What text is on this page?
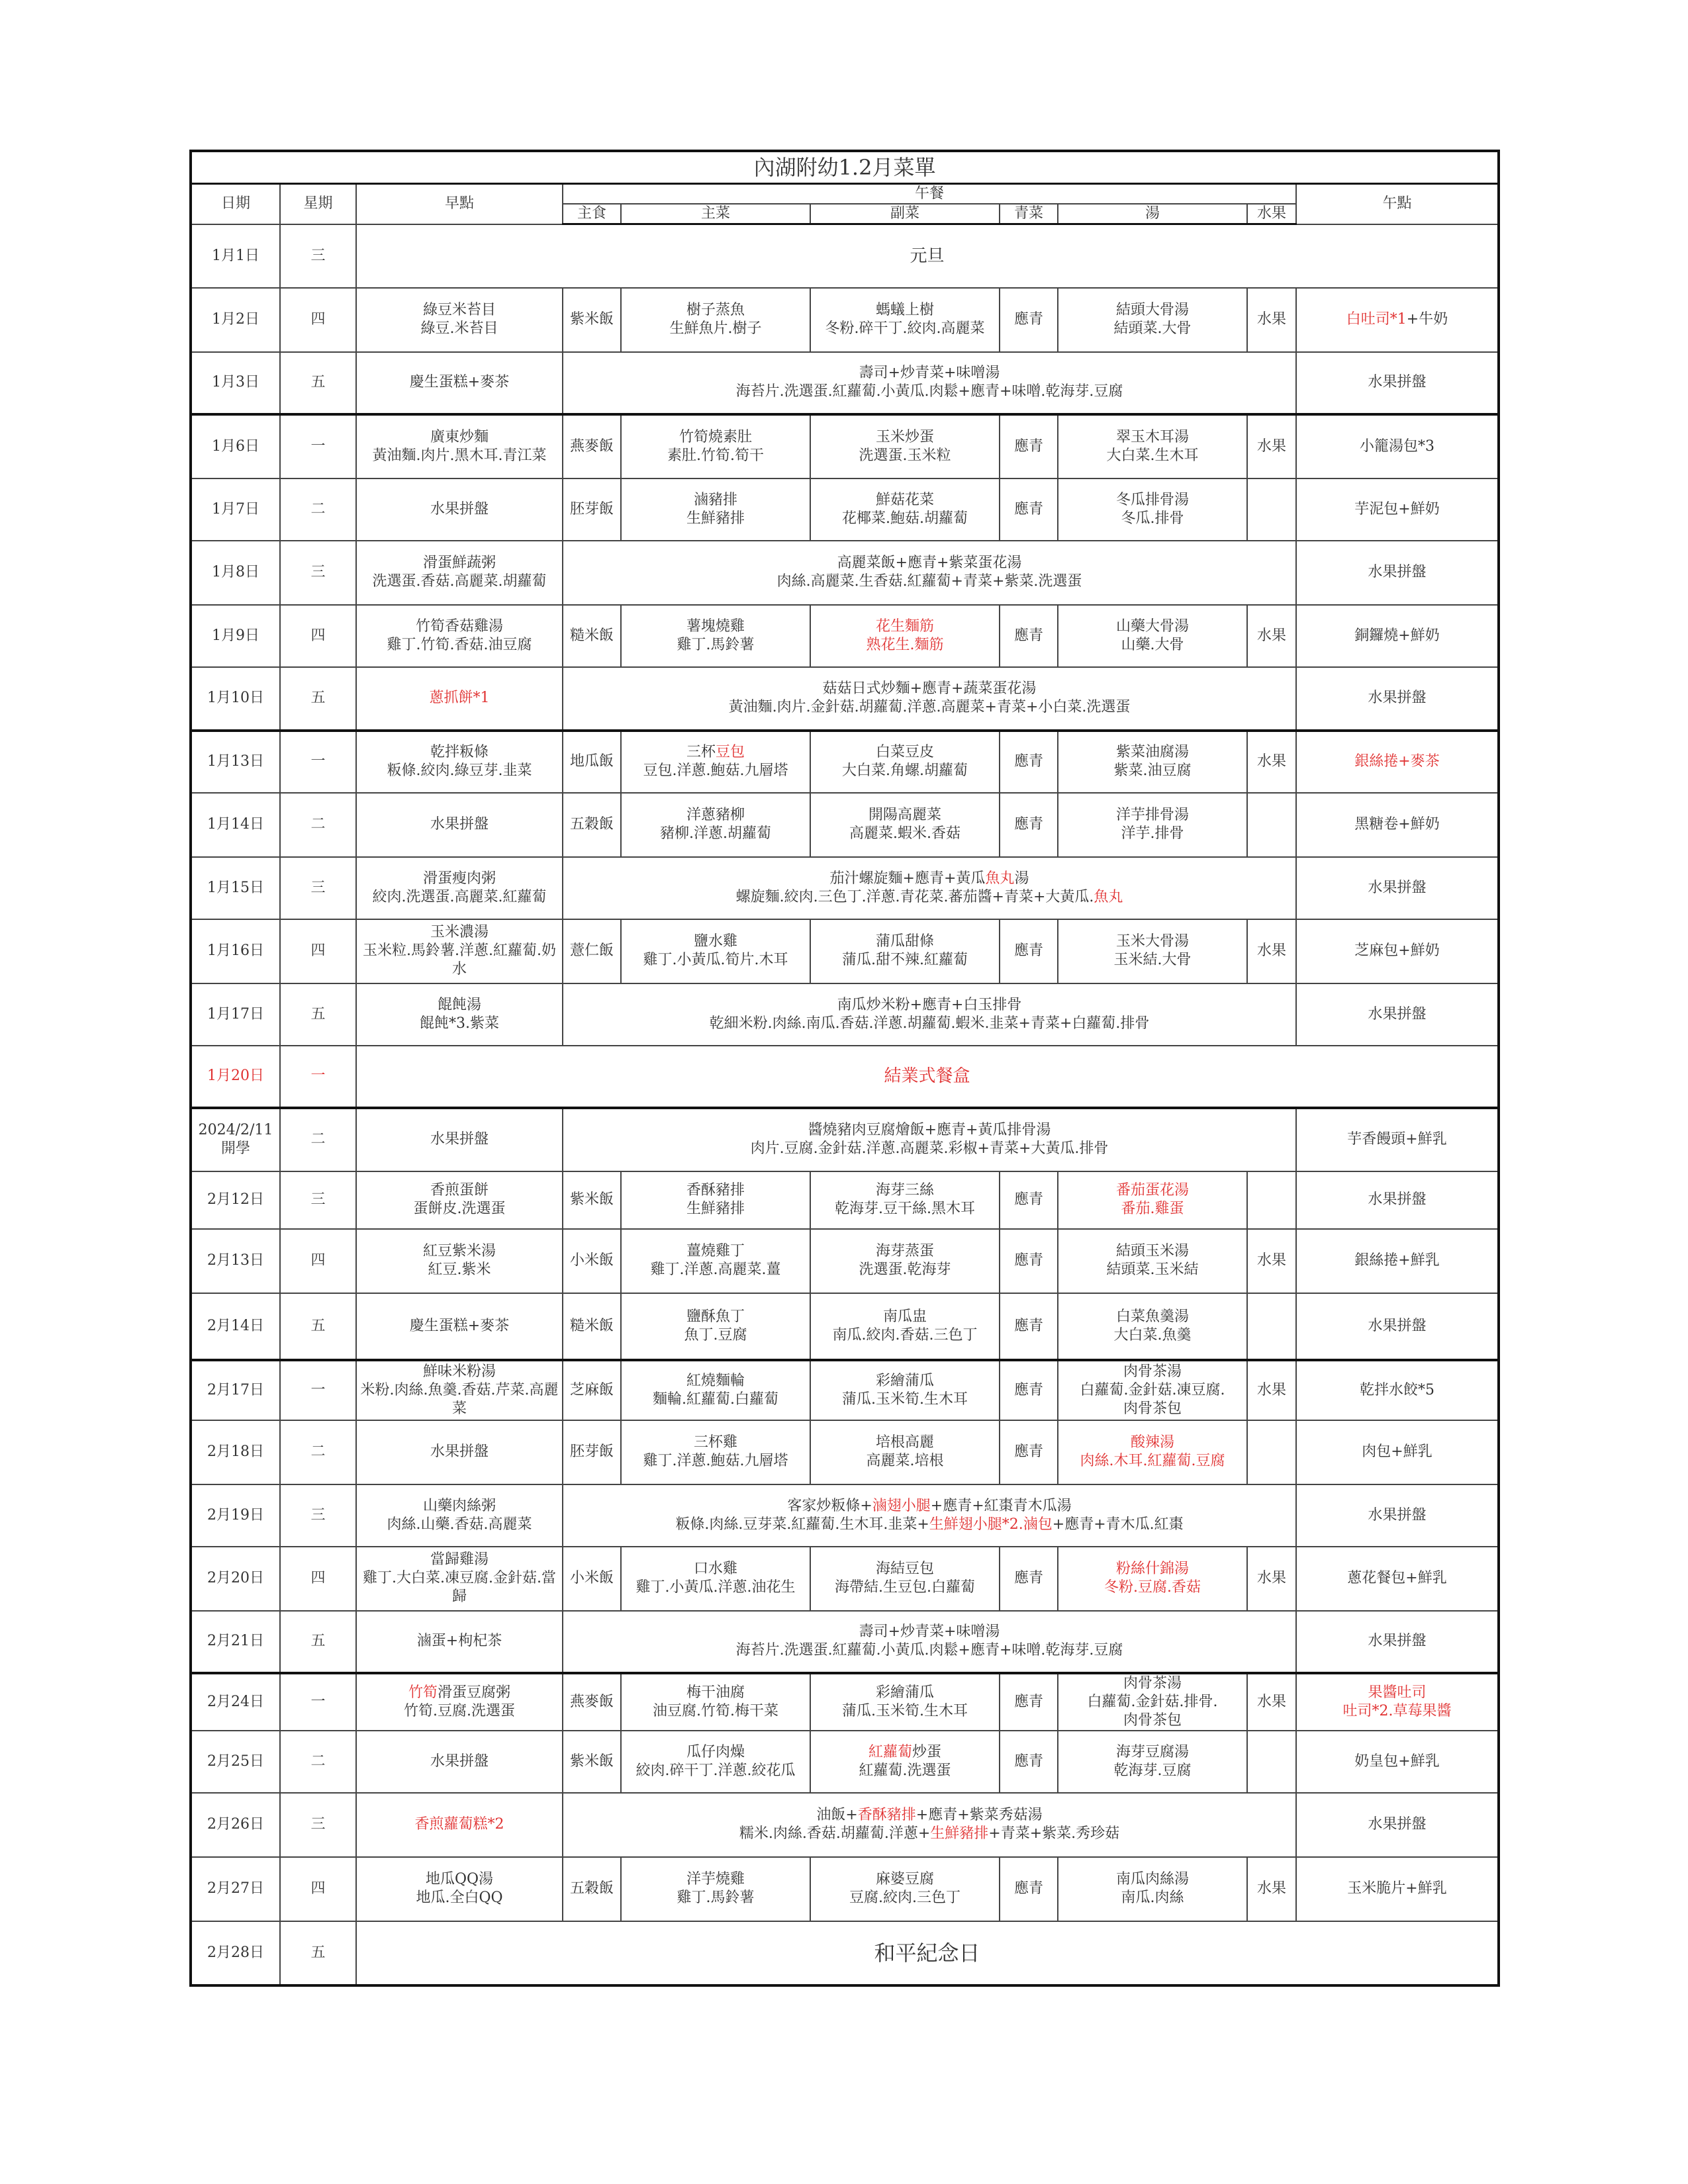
內湖附幼1.2月菜單									
日期	星期	早點	午餐						午點
			主食	主菜	副菜	青菜	湯	水果	

1月1日	三	元旦							

1月2日	四	綠豆米苔目
綠豆.米苔目	紫米飯	樹子蒸魚
生鮮魚片.樹子	螞蟻上樹
冬粉.碎干丁.絞肉.高麗菜	應青	結頭大骨湯
結頭菜.大骨	水果	白吐司*1+牛奶

1月3日	五	慶生蛋糕+麥茶	壽司+炒青菜+味噌湯
海苔片.洗選蛋.紅蘿蔔.小黃瓜.肉鬆+應青+味噌.乾海芽.豆腐						水果拼盤

1月6日	一	廣東炒麵
黃油麵.肉片.黑木耳.青江菜	燕麥飯	竹筍燒素肚
素肚.竹筍.筍干	玉米炒蛋
洗選蛋.玉米粒	應青	翠玉木耳湯
大白菜.生木耳	水果	小籠湯包*3

1月7日	二	水果拼盤	胚芽飯	滷豬排
生鮮豬排	鮮菇花菜
花椰菜.鮑菇.胡蘿蔔	應青	冬瓜排骨湯
冬瓜.排骨		芋泥包+鮮奶

1月8日	三	滑蛋鮮蔬粥
洗選蛋.香菇.高麗菜.胡蘿蔔	高麗菜飯+應青+紫菜蛋花湯
肉絲.高麗菜.生香菇.紅蘿蔔+青菜+紫菜.洗選蛋						水果拼盤

1月9日	四	竹筍香菇雞湯
雞丁.竹筍.香菇.油豆腐	糙米飯	薯塊燒雞
雞丁.馬鈴薯	花生麵筋
熟花生.麵筋	應青	山藥大骨湯
山藥.大骨	水果	銅鑼燒+鮮奶

1月10日	五	蔥抓餅*1	菇菇日式炒麵+應青+蔬菜蛋花湯
黃油麵.肉片.金針菇.胡蘿蔔.洋蔥.高麗菜+青菜+小白菜.洗選蛋						水果拼盤

1月13日	一	乾拌粄條
粄條.絞肉.綠豆芽.韭菜	地瓜飯	三杯豆包
豆包.洋蔥.鮑菇.九層塔	白菜豆皮
大白菜.角螺.胡蘿蔔	應青	紫菜油腐湯
紫菜.油豆腐	水果	銀絲捲+麥茶

1月14日	二	水果拼盤	五穀飯	洋蔥豬柳
豬柳.洋蔥.胡蘿蔔	開陽高麗菜
高麗菜.蝦米.香菇	應青	洋芋排骨湯
洋芋.排骨		黑糖卷+鮮奶

1月15日	三	滑蛋瘦肉粥
絞肉.洗選蛋.高麗菜.紅蘿蔔	茄汁螺旋麵+應青+黃瓜魚丸湯
螺旋麵.絞肉.三色丁.洋蔥.青花菜.蕃茄醬+青菜+大黃瓜.魚丸						水果拼盤

1月16日	四	玉米濃湯
玉米粒.馬鈴薯.洋蔥.紅蘿蔔.奶水	薏仁飯	鹽水雞
雞丁.小黃瓜.筍片.木耳	蒲瓜甜條
蒲瓜.甜不辣.紅蘿蔔	應青	玉米大骨湯
玉米結.大骨	水果	芝麻包+鮮奶

1月17日	五	餛飩湯
餛飩*3.紫菜	南瓜炒米粉+應青+白玉排骨
乾細米粉.肉絲.南瓜.香菇.洋蔥.胡蘿蔔.蝦米.韭菜+青菜+白蘿蔔.排骨						水果拼盤

1月20日	一	結業式餐盒							

2024/2/11
開學	二	水果拼盤	醬燒豬肉豆腐燴飯+應青+黃瓜排骨湯
肉片.豆腐.金針菇.洋蔥.高麗菜.彩椒+青菜+大黃瓜.排骨						芋香饅頭+鮮乳

2月12日	三	香煎蛋餅
蛋餅皮.洗選蛋	紫米飯	香酥豬排
生鮮豬排	海芽三絲
乾海芽.豆干絲.黑木耳	應青	番茄蛋花湯
番茄.雞蛋		水果拼盤

2月13日	四	紅豆紫米湯
紅豆.紫米	小米飯	薑燒雞丁
雞丁.洋蔥.高麗菜.薑	海芽蒸蛋
洗選蛋.乾海芽	應青	結頭玉米湯
結頭菜.玉米結	水果	銀絲捲+鮮乳

2月14日	五	慶生蛋糕+麥茶	糙米飯	鹽酥魚丁
魚丁.豆腐	南瓜盅
南瓜.絞肉.香菇.三色丁	應青	白菜魚羹湯
大白菜.魚羹		水果拼盤

2月17日	一	鮮味米粉湯
米粉.肉絲.魚羹.香菇.芹菜.高麗
菜	芝麻飯	紅燒麵輪
麵輪.紅蘿蔔.白蘿蔔	彩繪蒲瓜
蒲瓜.玉米筍.生木耳	應青	肉骨茶湯
白蘿蔔.金針菇.凍豆腐.
肉骨茶包	水果	乾拌水餃*5

2月18日	二	水果拼盤	胚芽飯	三杯雞
雞丁.洋蔥.鮑菇.九層塔	培根高麗
高麗菜.培根	應青	酸辣湯
肉絲.木耳.紅蘿蔔.豆腐		肉包+鮮乳

2月19日	三	山藥肉絲粥
肉絲.山藥.香菇.高麗菜	客家炒粄條+滷翅小腿+應青+紅棗青木瓜湯
粄條.肉絲.豆芽菜.紅蘿蔔.生木耳.韭菜+生鮮翅小腿*2.滷包+應青+青木瓜.紅棗						水果拼盤

2月20日	四	當歸雞湯
雞丁.大白菜.凍豆腐.金針菇.當歸	小米飯	口水雞
雞丁.小黃瓜.洋蔥.油花生	海結豆包
海帶結.生豆包.白蘿蔔	應青	粉絲什錦湯
冬粉.豆腐.香菇	水果	蔥花餐包+鮮乳

2月21日	五	滷蛋+枸杞茶	壽司+炒青菜+味噌湯
海苔片.洗選蛋.紅蘿蔔.小黃瓜.肉鬆+應青+味噌.乾海芽.豆腐						水果拼盤

2月24日	一	竹筍滑蛋豆腐粥
竹筍.豆腐.洗選蛋	燕麥飯	梅干油腐
油豆腐.竹筍.梅干菜	彩繪蒲瓜
蒲瓜.玉米筍.生木耳	應青	肉骨茶湯
白蘿蔔.金針菇.排骨.
肉骨茶包	水果	果醬吐司
吐司*2.草莓果醬

2月25日	二	水果拼盤	紫米飯	瓜仔肉燥
絞肉.碎干丁.洋蔥.絞花瓜	紅蘿蔔炒蛋
紅蘿蔔.洗選蛋	應青	海芽豆腐湯
乾海芽.豆腐		奶皇包+鮮乳

2月26日	三	香煎蘿蔔糕*2	油飯+香酥豬排+應青+紫菜秀菇湯
糯米.肉絲.香菇.胡蘿蔔.洋蔥+生鮮豬排+青菜+紫菜.秀珍菇						水果拼盤

2月27日	四	地瓜QQ湯
地瓜.全白QQ	五穀飯	洋芋燒雞
雞丁.馬鈴薯	麻婆豆腐
豆腐.絞肉.三色丁	應青	南瓜肉絲湯
南瓜.肉絲	水果	玉米脆片+鮮乳

2月28日	五	和平紀念日							
